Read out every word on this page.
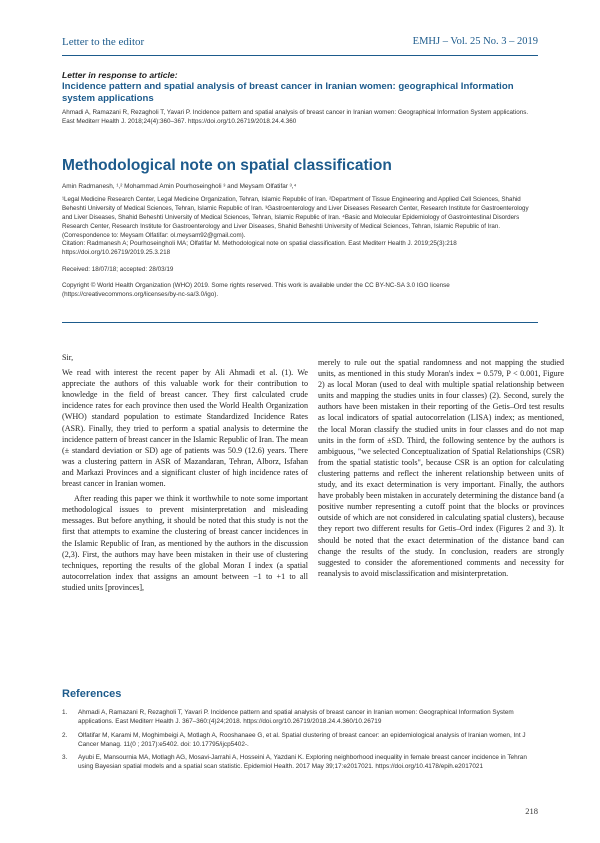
Letter to the editor	EMHJ – Vol. 25 No. 3 – 2019

Letter in response to article:

Incidence pattern and spatial analysis of breast cancer in Iranian women: geographical Information system applications

Ahmadi A, Ramazani R, Rezagholi T, Yavari P. Incidence pattern and spatial analysis of breast cancer in Iranian women: Geographical Information System applications. East Mediterr Health J. 2018;24(4):360–367. https://doi.org/10.26719/2018.24.4.360

Methodological note on spatial classification
Amin Radmanesh, ¹,² Mohammad Amin Pourhoseingholi ³ and Meysam Olfatifar ³,⁴

¹Legal Medicine Research Center, Legal Medicine Organization, Tehran, Islamic Republic of Iran. ²Department of Tissue Engineering and Applied Cell Sciences, Shahid Beheshti University of Medical Sciences, Tehran, Islamic Republic of Iran. ³Gastroenterology and Liver Diseases Research Center, Research Institute for Gastroenterology and Liver Diseases, Shahid Beheshti University of Medical Sciences, Tehran, Islamic Republic of Iran. ⁴Basic and Molecular Epidemiology of Gastrointestinal Disorders Research Center, Research Institute for Gastroenterology and Liver Diseases, Shahid Beheshti University of Medical Sciences, Tehran, Islamic Republic of Iran. (Correspondence to: Meysam Olfatifar: ol.meysam92@gmail.com).

Citation: Radmanesh A; Pourhoseingholi MA; Olfatifar M. Methodological note on spatial classification. East Mediterr Health J. 2019;25(3):218 https://doi.org/10.26719/2019.25.3.218

Received: 18/07/18; accepted: 28/03/19

Copyright © World Health Organization (WHO) 2019. Some rights reserved. This work is available under the CC BY-NC-SA 3.0 IGO license (https://creativecommons.org/licenses/by-nc-sa/3.0/igo).

Sir,

We read with interest the recent paper by Ali Ahmadi et al. (1). We appreciate the authors of this valuable work for their contribution to knowledge in the field of breast cancer. They first calculated crude incidence rates for each province then used the World Health Organization (WHO) standard population to estimate Standardized Incidence Rates (ASR). Finally, they tried to perform a spatial analysis to determine the incidence pattern of breast cancer in the Islamic Republic of Iran. The mean (± standard deviation or SD) age of patients was 50.9 (12.6) years. There was a clustering pattern in ASR of Mazandaran, Tehran, Alborz, Isfahan and Markazi Provinces and a significant cluster of high incidence rates of breast cancer in Iranian women.

After reading this paper we think it worthwhile to note some important methodological issues to prevent misinterpretation and misleading messages. But before anything, it should be noted that this study is not the first that attempts to examine the clustering of breast cancer incidences in the Islamic Republic of Iran, as mentioned by the authors in the discussion (2,3). First, the authors may have been mistaken in their use of clustering techniques, reporting the results of the global Moran I index (a spatial autocorrelation index that assigns an amount between −1 to +1 to all studied units [provinces],

merely to rule out the spatial randomness and not mapping the studied units, as mentioned in this study Moran's index = 0.579, P < 0.001, Figure 2) as local Moran (used to deal with multiple spatial relationship between units and mapping the studies units in four classes) (2). Second, surely the authors have been mistaken in their reporting of the Getis–Ord test results as local indicators of spatial autocorrelation (LISA) index; as mentioned, the local Moran classify the studied units in four classes and do not map units in the form of ±SD. Third, the following sentence by the authors is ambiguous, "we selected Conceptualization of Spatial Relationships (CSR) from the spatial statistic tools", because CSR is an option for calculating clustering patterns and reflect the inherent relationship between units of study, and its exact determination is very important. Finally, the authors have probably been mistaken in accurately determining the distance band (a positive number representing a cutoff point that the blocks or provinces outside of which are not considered in calculating spatial clusters), because they report two different results for Getis–Ord index (Figures 2 and 3). It should be noted that the exact determination of the distance band can change the results of the study. In conclusion, readers are strongly suggested to consider the aforementioned comments and necessity for reanalysis to avoid misclassification and misinterpretation.

References
1. Ahmadi A, Ramazani R, Rezagholi T, Yavari P. Incidence pattern and spatial analysis of breast cancer in Iranian women: Geographical Information System applications. East Mediterr Health J. 367–360:(4)24;2018. https://doi.org/10.26719/2018.24.4.360/10.26719
2. Olfatifar M, Karami M, Moghimbeigi A, Motlagh A, Rooshanaee G, et al. Spatial clustering of breast cancer: an epidemiological analysis of Iranian women, Int J Cancer Manag. 11(0 ; 2017):e5402. doi: 10.17795/ijcp5402-.
3. Ayubi E, Mansournia MA, Motlagh AG, Mosavi-Jarrahi A, Hosseini A, Yazdani K. Exploring neighborhood inequality in female breast cancer incidence in Tehran using Bayesian spatial models and a spatial scan statistic. Epidemiol Health. 2017 May 39;17:e2017021. https://doi.org/10.4178/epih.e2017021
218
